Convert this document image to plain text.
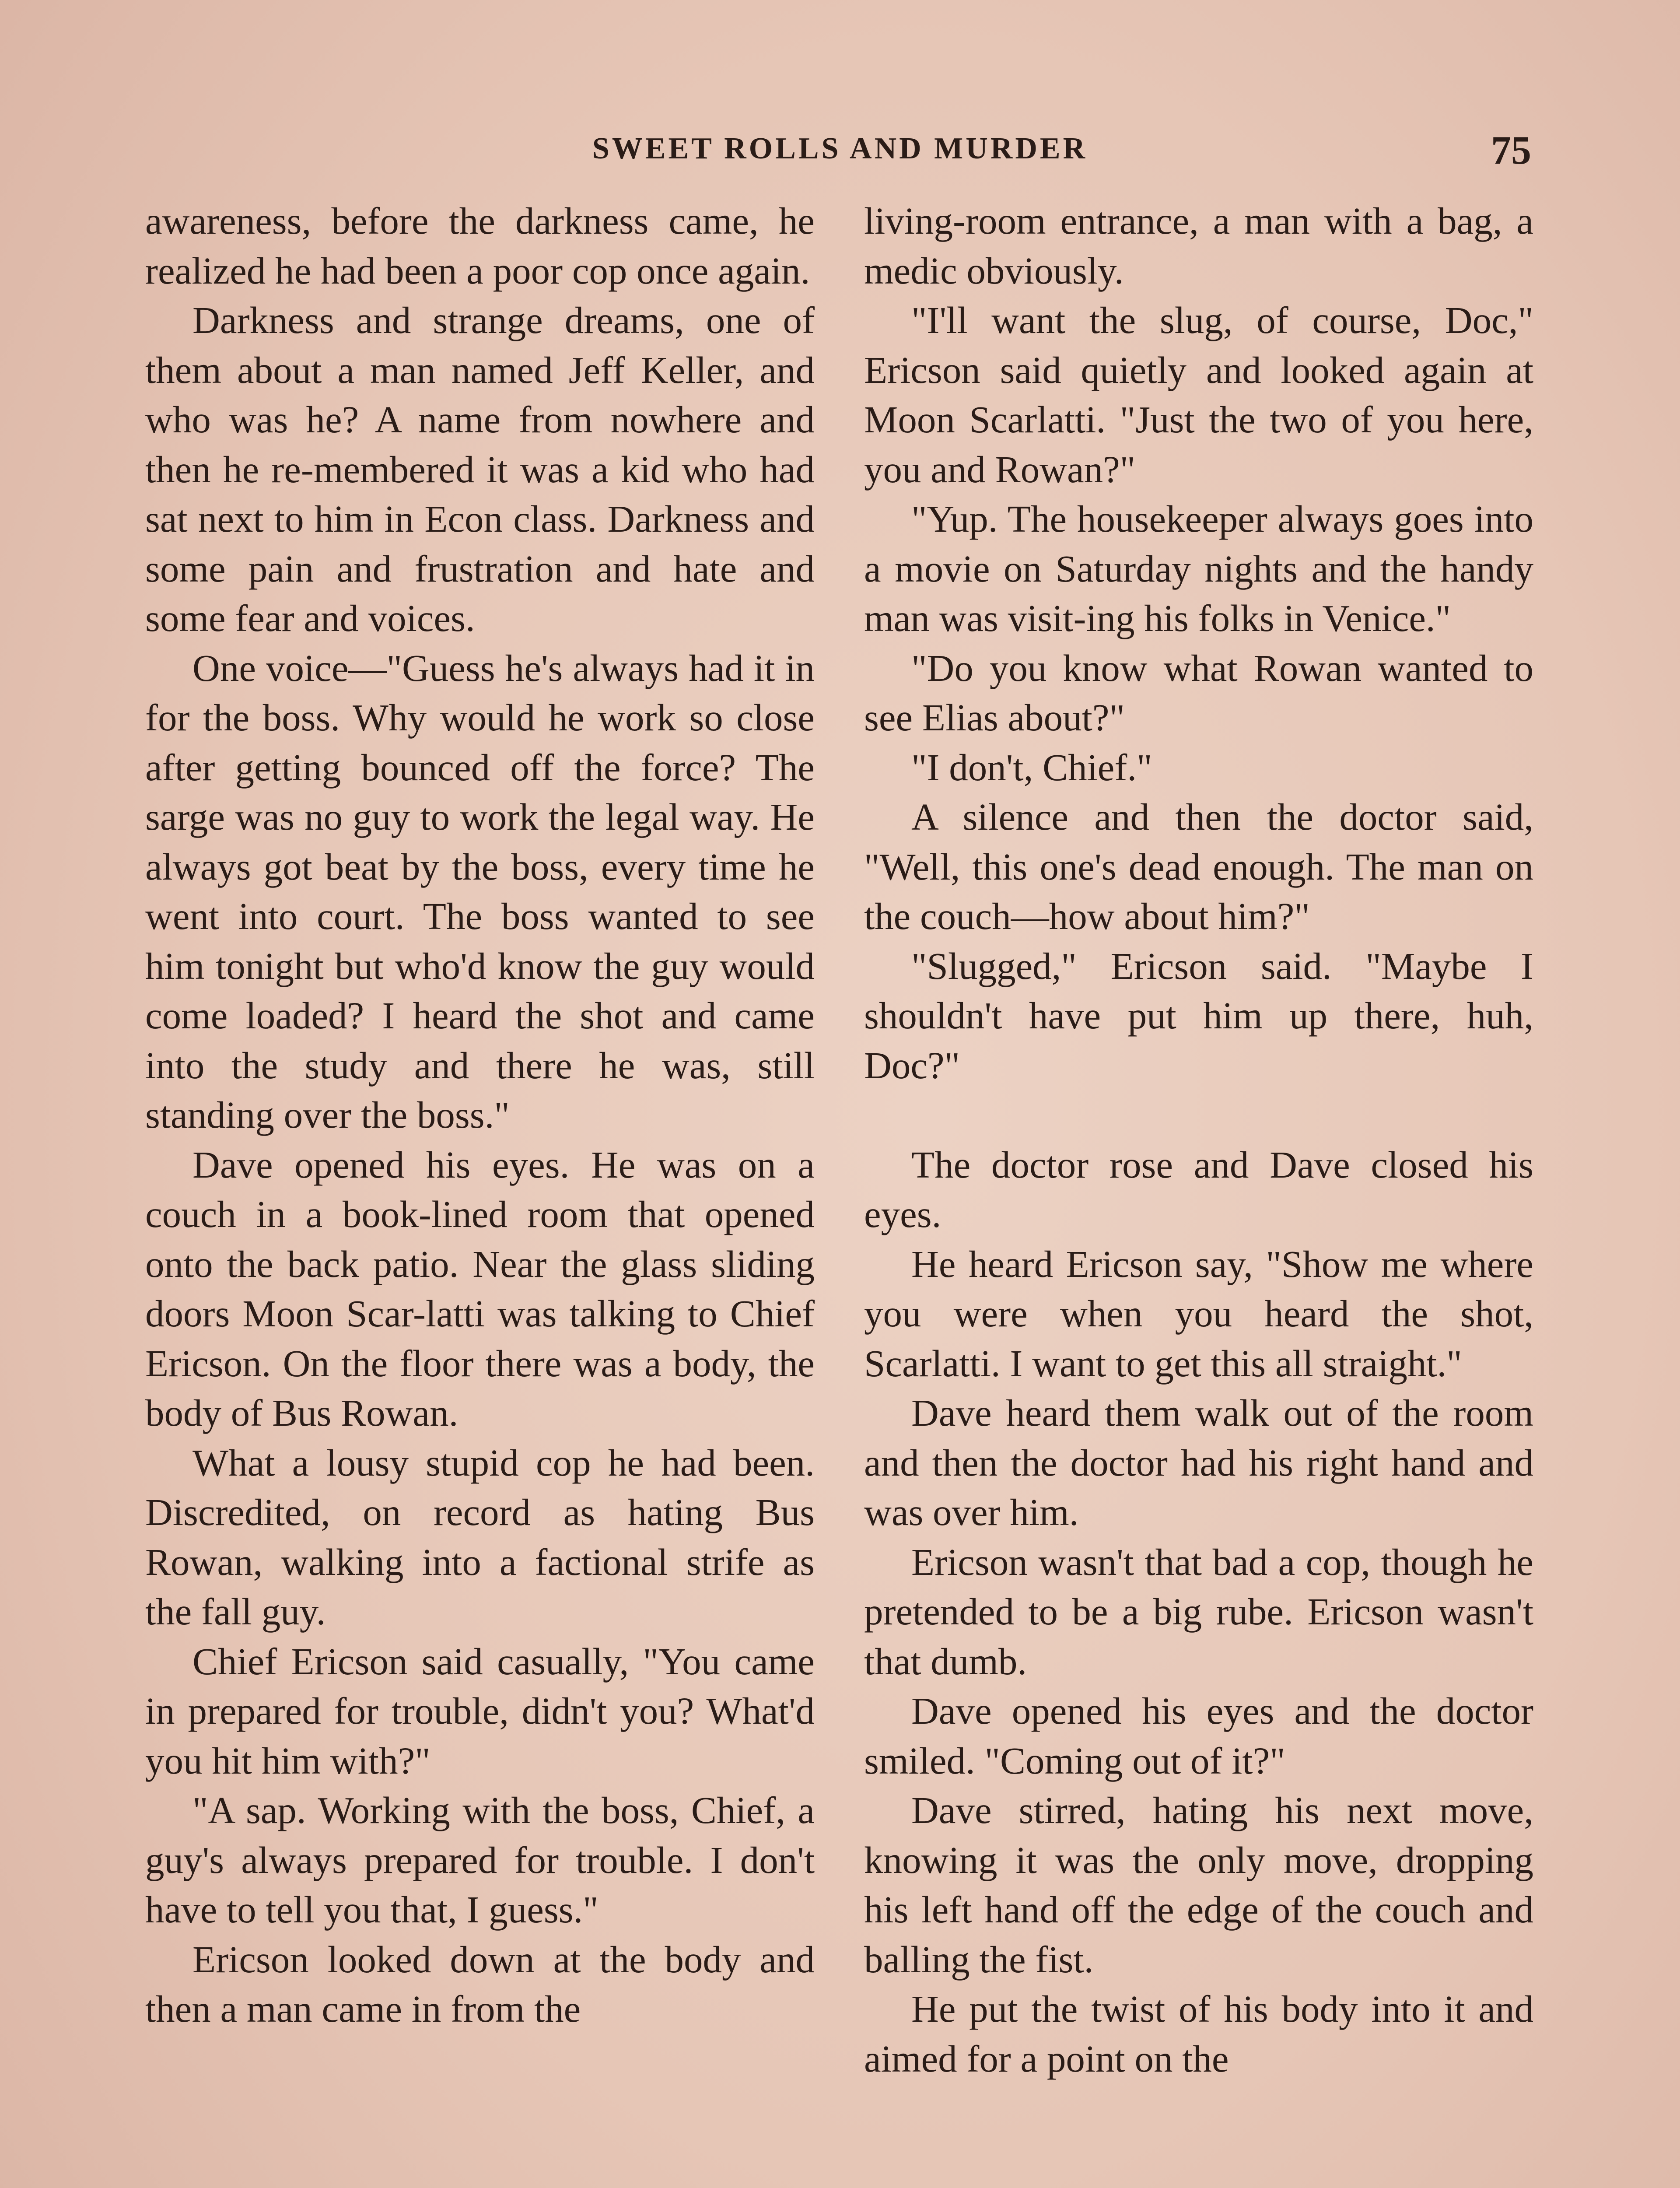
SWEET ROLLS AND MURDER	75

awareness, before the darkness came, he realized he had been a poor cop once again.

Darkness and strange dreams, one of them about a man named Jeff Keller, and who was he? A name from nowhere and then he re-membered it was a kid who had sat next to him in Econ class. Darkness and some pain and frustration and hate and some fear and voices.

One voice—"Guess he's always had it in for the boss. Why would he work so close after getting bounced off the force? The sarge was no guy to work the legal way. He always got beat by the boss, every time he went into court. The boss wanted to see him tonight but who'd know the guy would come loaded? I heard the shot and came into the study and there he was, still standing over the boss."

Dave opened his eyes. He was on a couch in a book-lined room that opened onto the back patio. Near the glass sliding doors Moon Scar-latti was talking to Chief Ericson. On the floor there was a body, the body of Bus Rowan.

What a lousy stupid cop he had been. Discredited, on record as hating Bus Rowan, walking into a factional strife as the fall guy.

Chief Ericson said casually, "You came in prepared for trouble, didn't you? What'd you hit him with?"

"A sap. Working with the boss, Chief, a guy's always prepared for trouble. I don't have to tell you that, I guess."

Ericson looked down at the body and then a man came in from the

living-room entrance, a man with a bag, a medic obviously.

"I'll want the slug, of course, Doc," Ericson said quietly and looked again at Moon Scarlatti. "Just the two of you here, you and Rowan?"

"Yup. The housekeeper always goes into a movie on Saturday nights and the handy man was visit-ing his folks in Venice."

"Do you know what Rowan wanted to see Elias about?"

"I don't, Chief."

A silence and then the doctor said, "Well, this one's dead enough. The man on the couch—how about him?"

"Slugged," Ericson said. "Maybe I shouldn't have put him up there, huh, Doc?"

The doctor rose and Dave closed his eyes.

He heard Ericson say, "Show me where you were when you heard the shot, Scarlatti. I want to get this all straight."

Dave heard them walk out of the room and then the doctor had his right hand and was over him.

Ericson wasn't that bad a cop, though he pretended to be a big rube. Ericson wasn't that dumb.

Dave opened his eyes and the doctor smiled. "Coming out of it?"

Dave stirred, hating his next move, knowing it was the only move, dropping his left hand off the edge of the couch and balling the fist.

He put the twist of his body into it and aimed for a point on the
